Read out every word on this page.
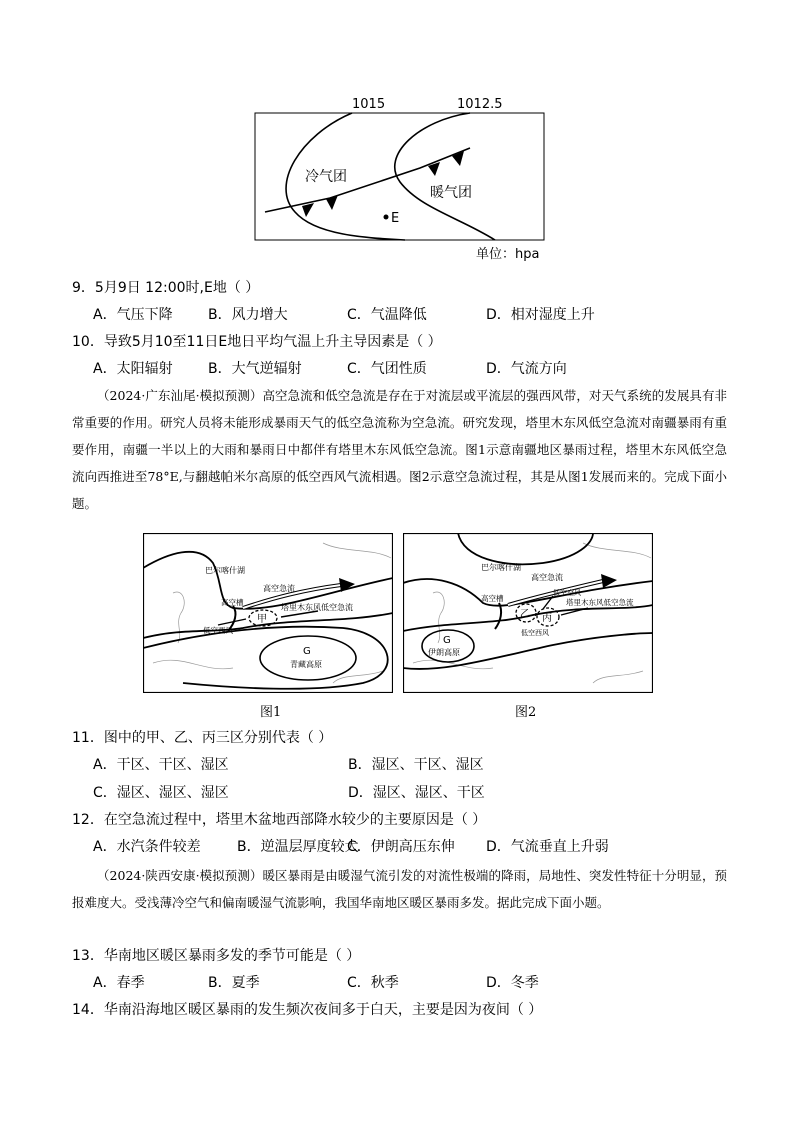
1015	1012.5
冷气团
暖气团
E
单位：hpa
9．5月9日 12:00时,E地（ ）
A．气压下降	B．风力增大	C．气温降低	D．相对湿度上升
10．导致5月10至11日E地日平均气温上升主导因素是（ ）
A．太阳辐射	B．大气逆辐射	C．气团性质	D．气流方向
（2024·广东汕尾·模拟预测）高空急流和低空急流是存在于对流层或平流层的强西风带，对天气系统的发展具有非常重要的作用。研究人员将未能形成暴雨天气的低空急流称为空急流。研究发现，塔里木东风低空急流对南疆暴雨有重要作用，南疆一半以上的大雨和暴雨日中都伴有塔里木东风低空急流。图1示意南疆地区暴雨过程，塔里木东风低空急流向西推进至78°E,与翻越帕米尔高原的低空西风气流相遇。图2示意空急流过程，其是从图1发展而来的。完成下面小题。
巴尔喀什湖
高空急流
高空槽
塔里木东风低空急流
低空西风
甲
G
青藏高原
图1
巴尔喀什湖
高空急流
高空槽
低空空风
塔里木东风低空急流
乙 丙
低空西风
G
伊朗高原
图2
11．图中的甲、乙、丙三区分别代表（ ）
A．干区、干区、湿区	B．湿区、干区、湿区
C．湿区、湿区、湿区	D．湿区、湿区、干区
12．在空急流过程中，塔里木盆地西部降水较少的主要原因是（ ）
A．水汽条件较差	B．逆温层厚度较大
C．伊朗高压东伸 D．气流垂直上升弱
（2024·陕西安康·模拟预测）暖区暴雨是由暖湿气流引发的对流性极端的降雨，局地性、突发性特征十分明显，预报难度大。受浅薄冷空气和偏南暖湿气流影响，我国华南地区暖区暴雨多发。据此完成下面小题。
13．华南地区暖区暴雨多发的季节可能是（ ）
A．春季	B．夏季	C．秋季	D．冬季
14．华南沿海地区暖区暴雨的发生频次夜间多于白天，主要是因为夜间（ ）
